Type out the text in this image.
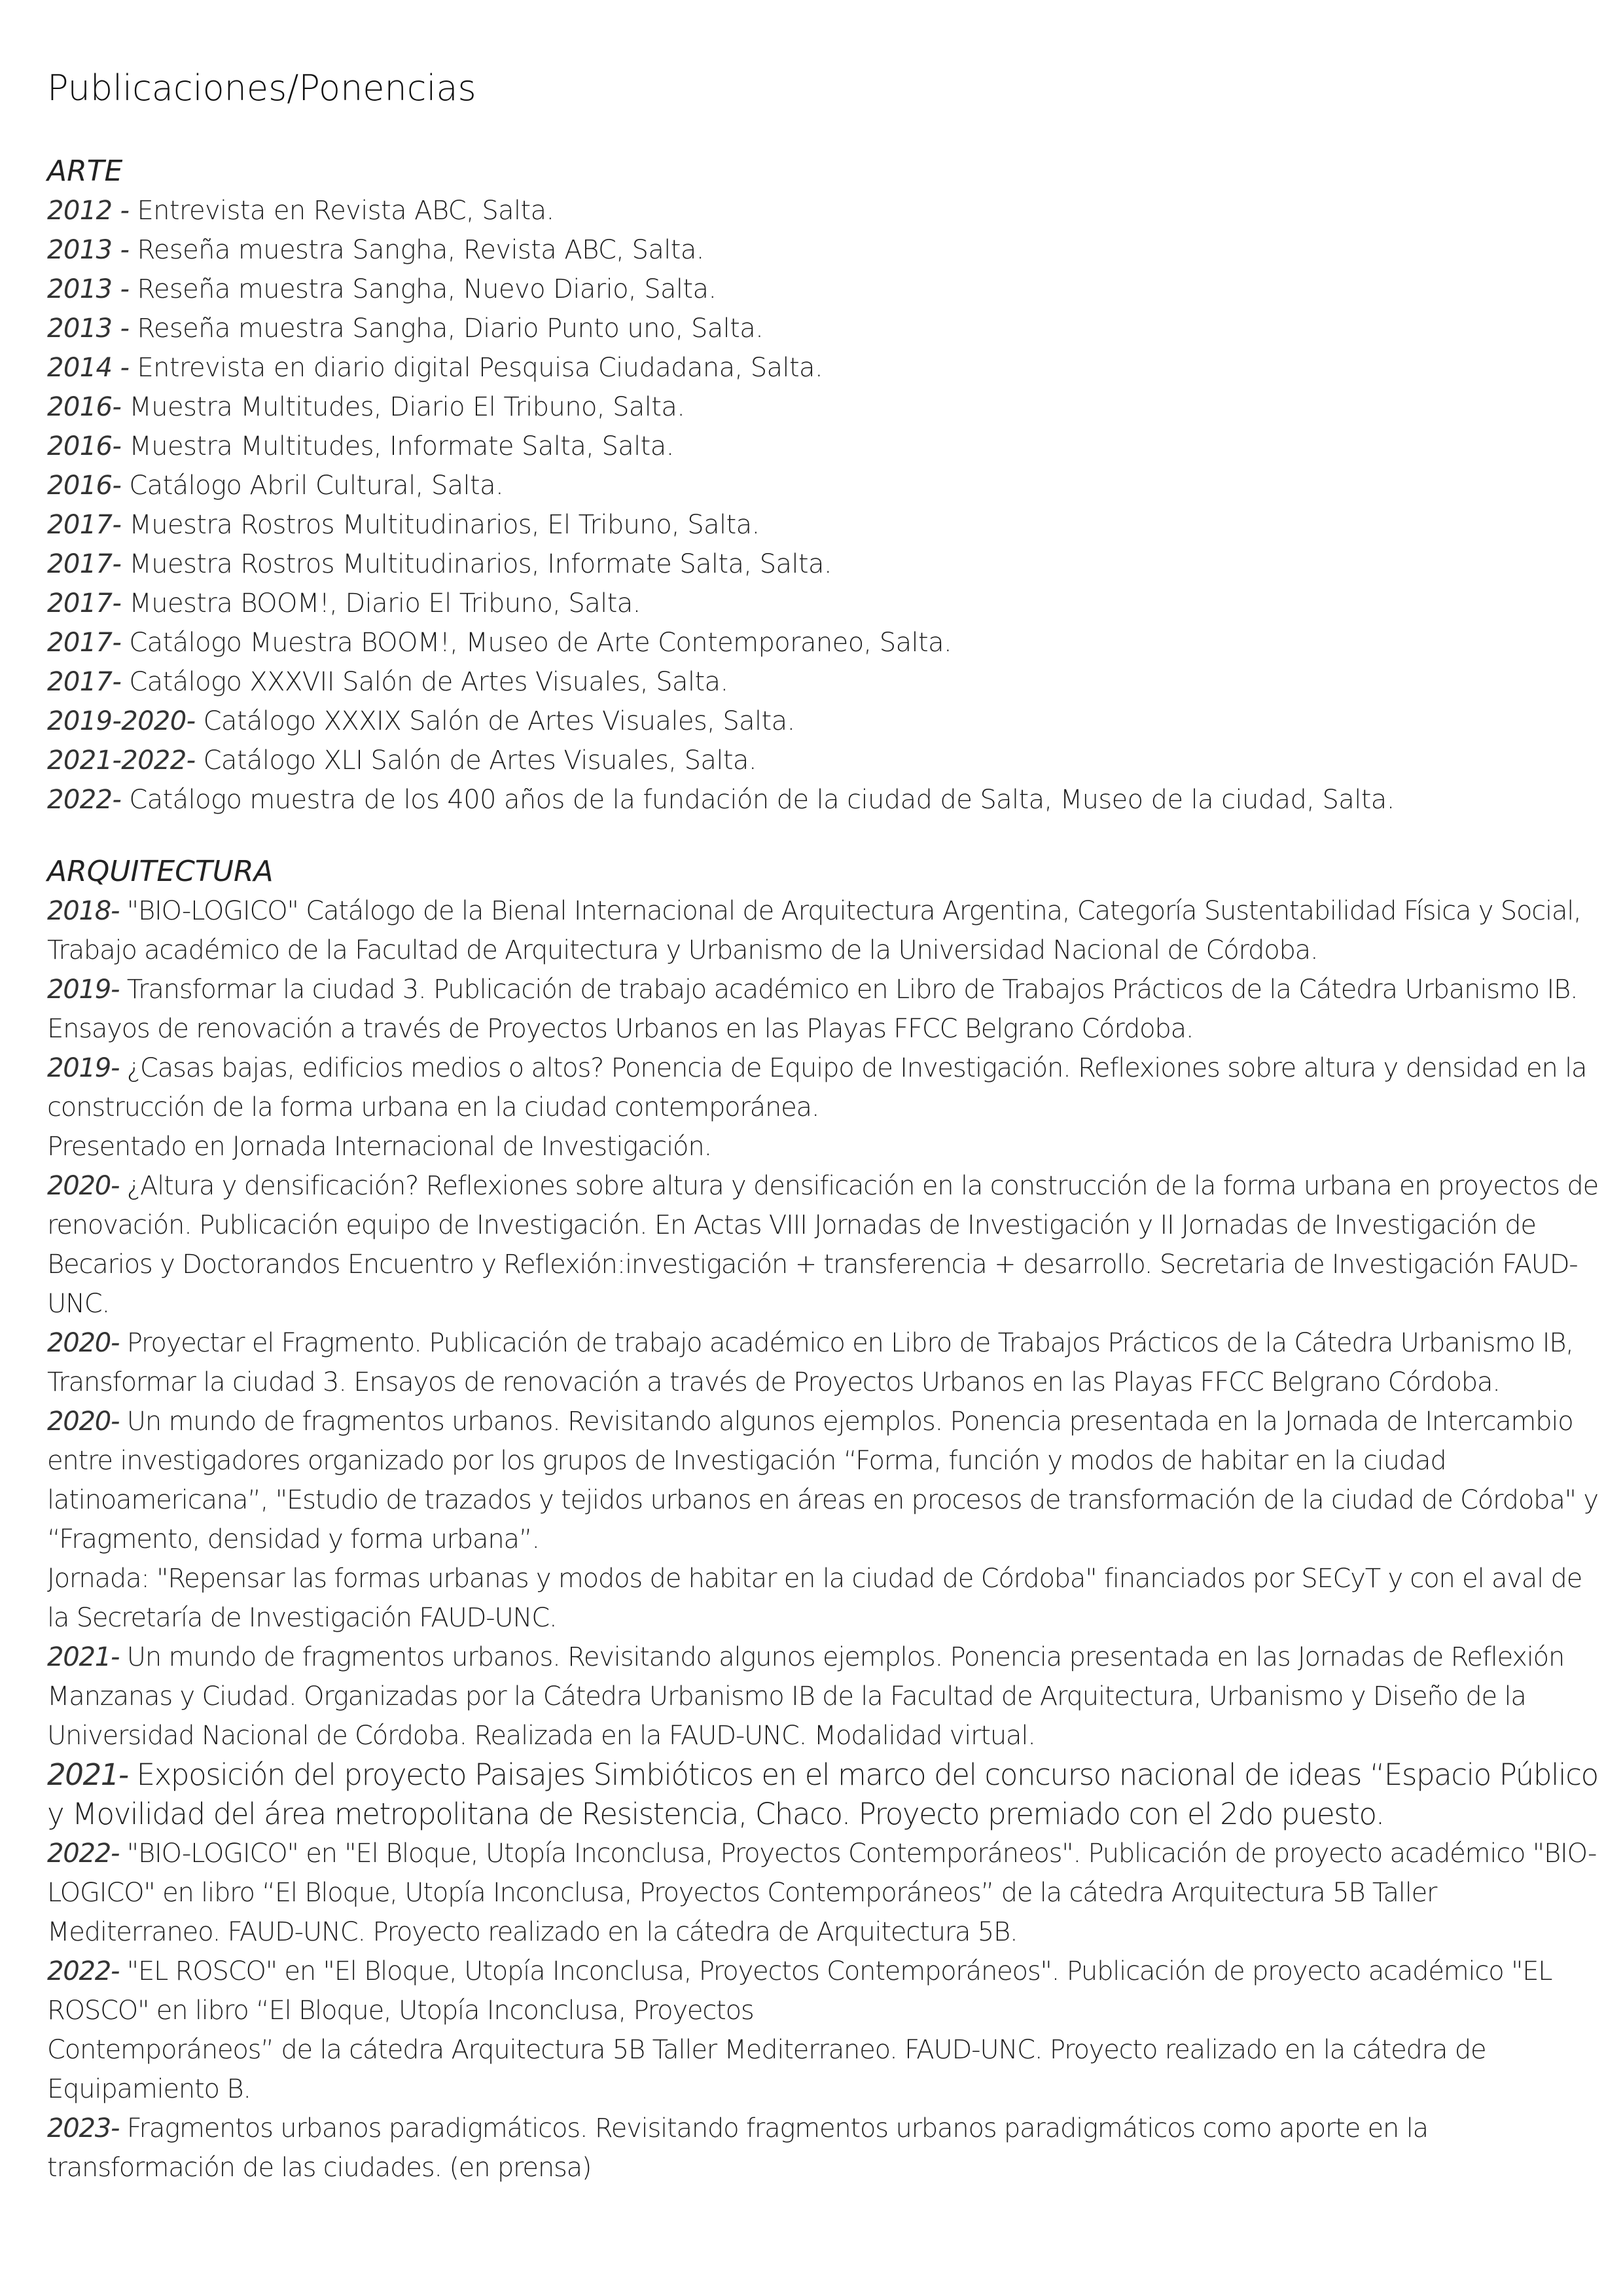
Publicaciones/Ponencias

ARTE

2012 - Entrevista en Revista ABC, Salta.
2013 - Reseña muestra Sangha, Revista ABC, Salta.
2013 - Reseña muestra Sangha, Nuevo Diario, Salta.
2013 - Reseña muestra Sangha, Diario Punto uno, Salta.
2014 - Entrevista en diario digital Pesquisa Ciudadana, Salta.
2016- Muestra Multitudes, Diario El Tribuno, Salta.
2016- Muestra Multitudes, Informate Salta, Salta.
2016- Catálogo Abril Cultural, Salta.
2017- Muestra Rostros Multitudinarios, El Tribuno, Salta.
2017- Muestra Rostros Multitudinarios, Informate Salta, Salta.
2017- Muestra BOOM!, Diario El Tribuno, Salta.
2017- Catálogo Muestra BOOM!, Museo de Arte Contemporaneo, Salta.
2017- Catálogo XXXVII Salón de Artes Visuales, Salta.
2019-2020- Catálogo XXXIX Salón de Artes Visuales, Salta.
2021-2022- Catálogo XLI Salón de Artes Visuales, Salta.
2022- Catálogo muestra de los 400 años de la fundación de la ciudad de Salta, Museo de la ciudad, Salta.

ARQUITECTURA

2018- "BIO-LOGICO" Catálogo de la Bienal Internacional de Arquitectura Argentina, Categoría Sustentabilidad Física y Social, Trabajo académico de la Facultad de Arquitectura y Urbanismo de la Universidad Nacional de Córdoba.
2019- Transformar la ciudad 3. Publicación de trabajo académico en Libro de Trabajos Prácticos de la Cátedra Urbanismo IB. Ensayos de renovación a través de Proyectos Urbanos en las Playas FFCC Belgrano Córdoba.
2019- ¿Casas bajas, edificios medios o altos? Ponencia de Equipo de Investigación. Reflexiones sobre altura y densidad en la construcción de la forma urbana en la ciudad contemporánea.
Presentado en Jornada Internacional de Investigación.
2020- ¿Altura y densificación? Reflexiones sobre altura y densificación en la construcción de la forma urbana en proyectos de renovación. Publicación equipo de Investigación. En Actas VIII Jornadas de Investigación y II Jornadas de Investigación de Becarios y Doctorandos Encuentro y Reflexión:investigación + transferencia + desarrollo. Secretaria de Investigación FAUD-UNC.
2020- Proyectar el Fragmento. Publicación de trabajo académico en Libro de Trabajos Prácticos de la Cátedra Urbanismo IB, Transformar la ciudad 3. Ensayos de renovación a través de Proyectos Urbanos en las Playas FFCC Belgrano Córdoba.
2020- Un mundo de fragmentos urbanos. Revisitando algunos ejemplos. Ponencia presentada en la Jornada de Intercambio entre investigadores organizado por los grupos de Investigación “Forma, función y modos de habitar en la ciudad latinoamericana”, "Estudio de trazados y tejidos urbanos en áreas en procesos de transformación de la ciudad de Córdoba" y “Fragmento, densidad y forma urbana”.
Jornada: "Repensar las formas urbanas y modos de habitar en la ciudad de Córdoba" financiados por SECyT y con el aval de la Secretaría de Investigación FAUD-UNC.
2021- Un mundo de fragmentos urbanos. Revisitando algunos ejemplos. Ponencia presentada en las Jornadas de Reflexión Manzanas y Ciudad. Organizadas por la Cátedra Urbanismo IB de la Facultad de Arquitectura, Urbanismo y Diseño de la Universidad Nacional de Córdoba. Realizada en la FAUD-UNC. Modalidad virtual.
2021- Exposición del proyecto Paisajes Simbióticos en el marco del concurso nacional de ideas “Espacio Público y Movilidad del área metropolitana de Resistencia, Chaco. Proyecto premiado con el 2do puesto.
2022- "BIO-LOGICO" en "El Bloque, Utopía Inconclusa, Proyectos Contemporáneos". Publicación de proyecto académico "BIO-LOGICO" en libro “El Bloque, Utopía Inconclusa, Proyectos Contemporáneos” de la cátedra Arquitectura 5B Taller Mediterraneo. FAUD-UNC. Proyecto realizado en la cátedra de Arquitectura 5B.
2022- "EL ROSCO" en "El Bloque, Utopía Inconclusa, Proyectos Contemporáneos". Publicación de proyecto académico "EL ROSCO" en libro “El Bloque, Utopía Inconclusa, Proyectos
Contemporáneos” de la cátedra Arquitectura 5B Taller Mediterraneo. FAUD-UNC. Proyecto realizado en la cátedra de Equipamiento B.
2023- Fragmentos urbanos paradigmáticos. Revisitando fragmentos urbanos paradigmáticos como aporte en la transformación de las ciudades. (en prensa)
